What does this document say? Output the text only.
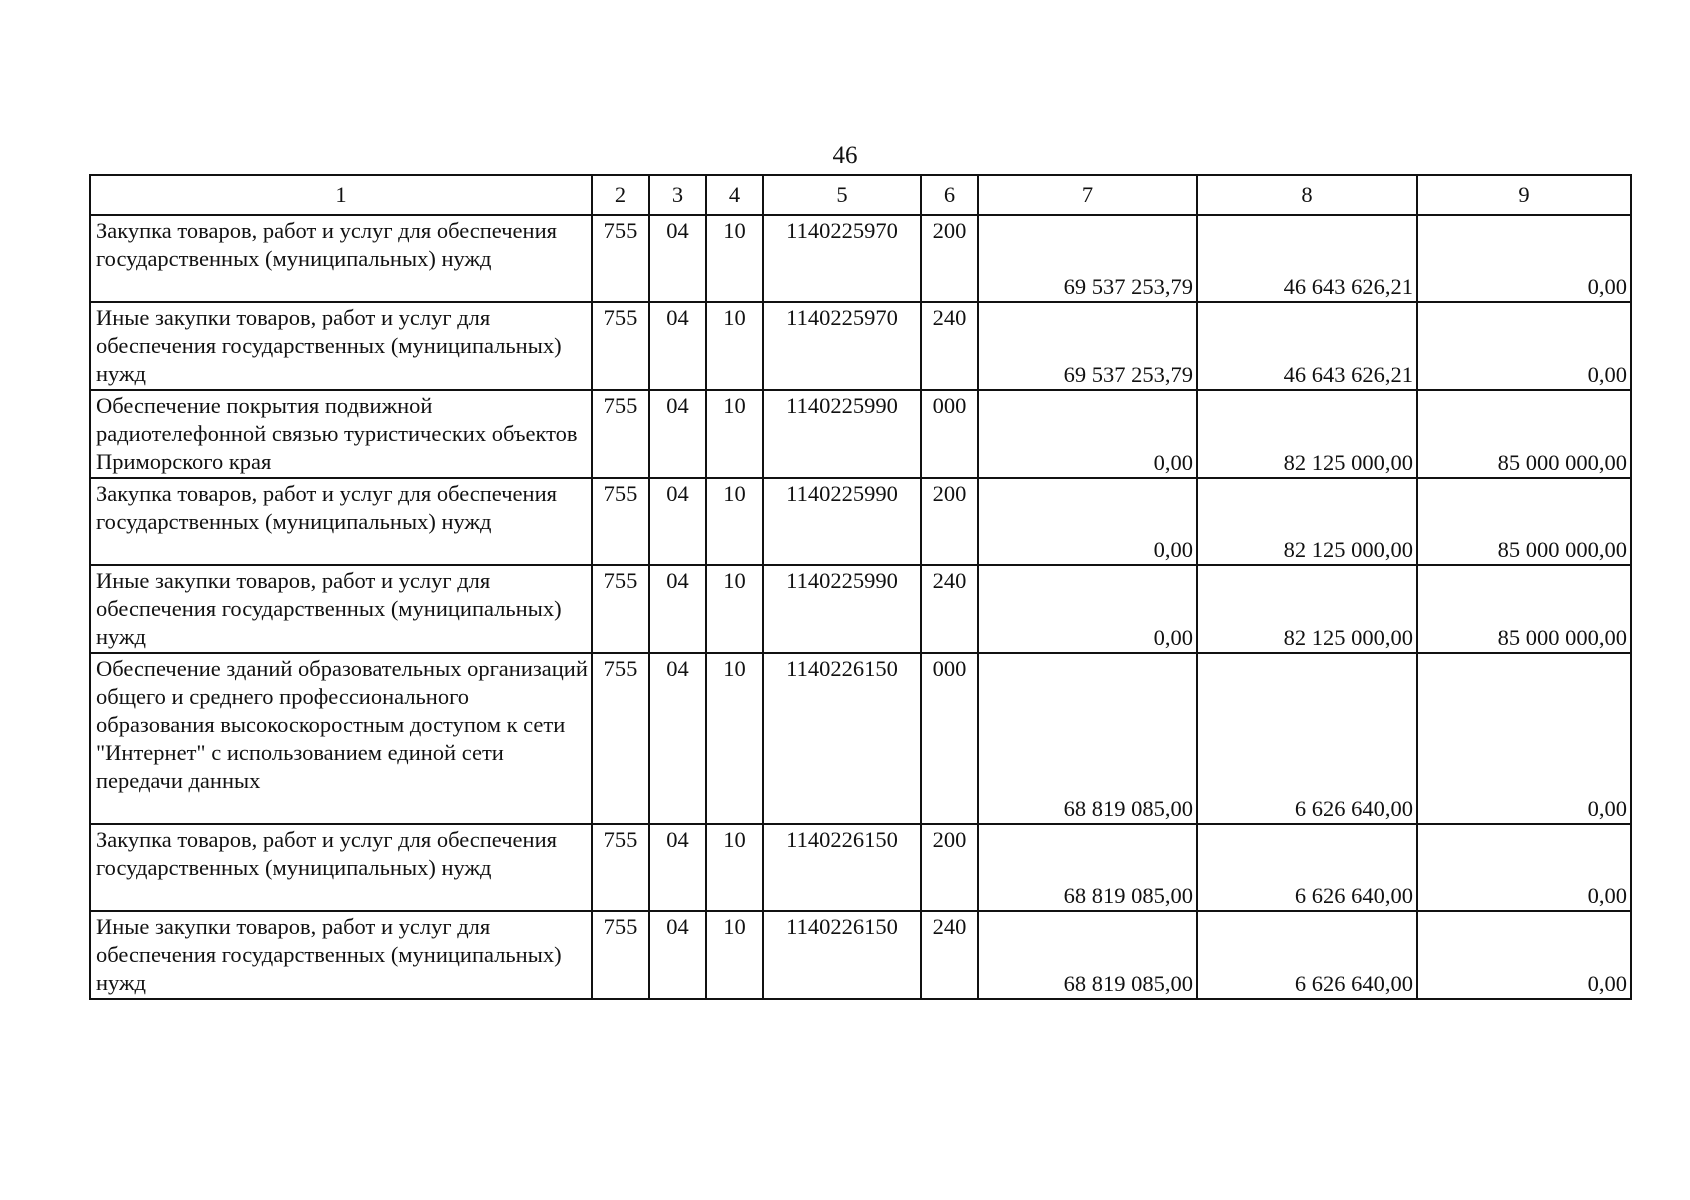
46
1	2	3	4	5	6	7	8	9
Закупка товаров, работ и услуг для обеспечения государственных (муниципальных) нужд	755	04	10	1140225970	200	69 537 253,79	46 643 626,21	0,00
Иные закупки товаров, работ и услуг для обеспечения государственных (муниципальных) нужд	755	04	10	1140225970	240	69 537 253,79	46 643 626,21	0,00
Обеспечение покрытия подвижной радиотелефонной связью туристических объектов Приморского края	755	04	10	1140225990	000	0,00	82 125 000,00	85 000 000,00
Закупка товаров, работ и услуг для обеспечения государственных (муниципальных) нужд	755	04	10	1140225990	200	0,00	82 125 000,00	85 000 000,00
Иные закупки товаров, работ и услуг для обеспечения государственных (муниципальных) нужд	755	04	10	1140225990	240	0,00	82 125 000,00	85 000 000,00
Обеспечение зданий образовательных организаций общего и среднего профессионального образования высокоскоростным доступом к сети "Интернет" с использованием единой сети передачи данных	755	04	10	1140226150	000	68 819 085,00	6 626 640,00	0,00
Закупка товаров, работ и услуг для обеспечения государственных (муниципальных) нужд	755	04	10	1140226150	200	68 819 085,00	6 626 640,00	0,00
Иные закупки товаров, работ и услуг для обеспечения государственных (муниципальных) нужд	755	04	10	1140226150	240	68 819 085,00	6 626 640,00	0,00
